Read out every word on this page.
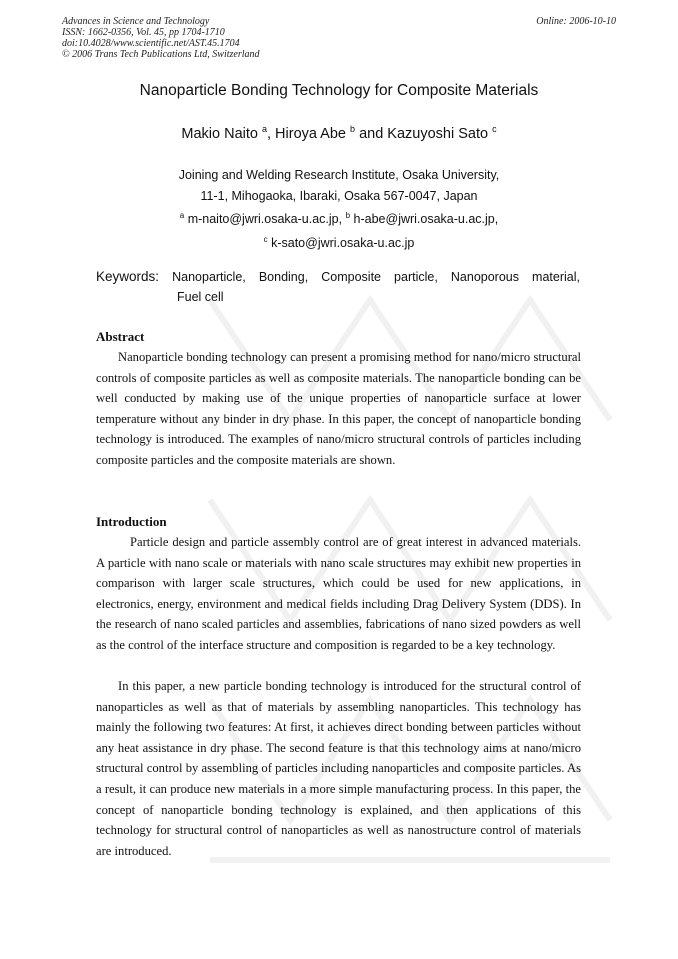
Advances in Science and Technology
ISSN: 1662-0356, Vol. 45, pp 1704-1710
doi:10.4028/www.scientific.net/AST.45.1704
© 2006 Trans Tech Publications Ltd, Switzerland
Online: 2006-10-10
Nanoparticle Bonding Technology for Composite Materials
Makio Naito $^a$, Hiroya Abe $^b$ and Kazuyoshi Sato $^c$
Joining and Welding Research Institute, Osaka University,
11-1, Mihogaoka, Ibaraki, Osaka 567-0047, Japan
$^a$ m-naito@jwri.osaka-u.ac.jp, $^b$ h-abe@jwri.osaka-u.ac.jp,
$^c$ k-sato@jwri.osaka-u.ac.jp
Keywords: Nanoparticle, Bonding, Composite particle, Nanoporous material,
Fuel cell
Abstract

Nanoparticle bonding technology can present a promising method for nano/micro structural controls of composite particles as well as composite materials. The nanoparticle bonding can be well conducted by making use of the unique properties of nanoparticle surface at lower temperature without any binder in dry phase. In this paper, the concept of nanoparticle bonding technology is introduced. The examples of nano/micro structural controls of particles including composite particles and the composite materials are shown.

Introduction

Particle design and particle assembly control are of great interest in advanced materials. A particle with nano scale or materials with nano scale structures may exhibit new properties in comparison with larger scale structures, which could be used for new applications, in electronics, energy, environment and medical fields including Drag Delivery System (DDS). In the research of nano scaled particles and assemblies, fabrications of nano sized powders as well as the control of the interface structure and composition is regarded to be a key technology.

In this paper, a new particle bonding technology is introduced for the structural control of nanoparticles as well as that of materials by assembling nanoparticles. This technology has mainly the following two features: At first, it achieves direct bonding between particles without any heat assistance in dry phase. The second feature is that this technology aims at nano/micro structural control by assembling of particles including nanoparticles and composite particles. As a result, it can produce new materials in a more simple manufacturing process. In this paper, the concept of nanoparticle bonding technology is explained, and then applications of this technology for structural control of nanoparticles as well as nanostructure control of materials are introduced.
